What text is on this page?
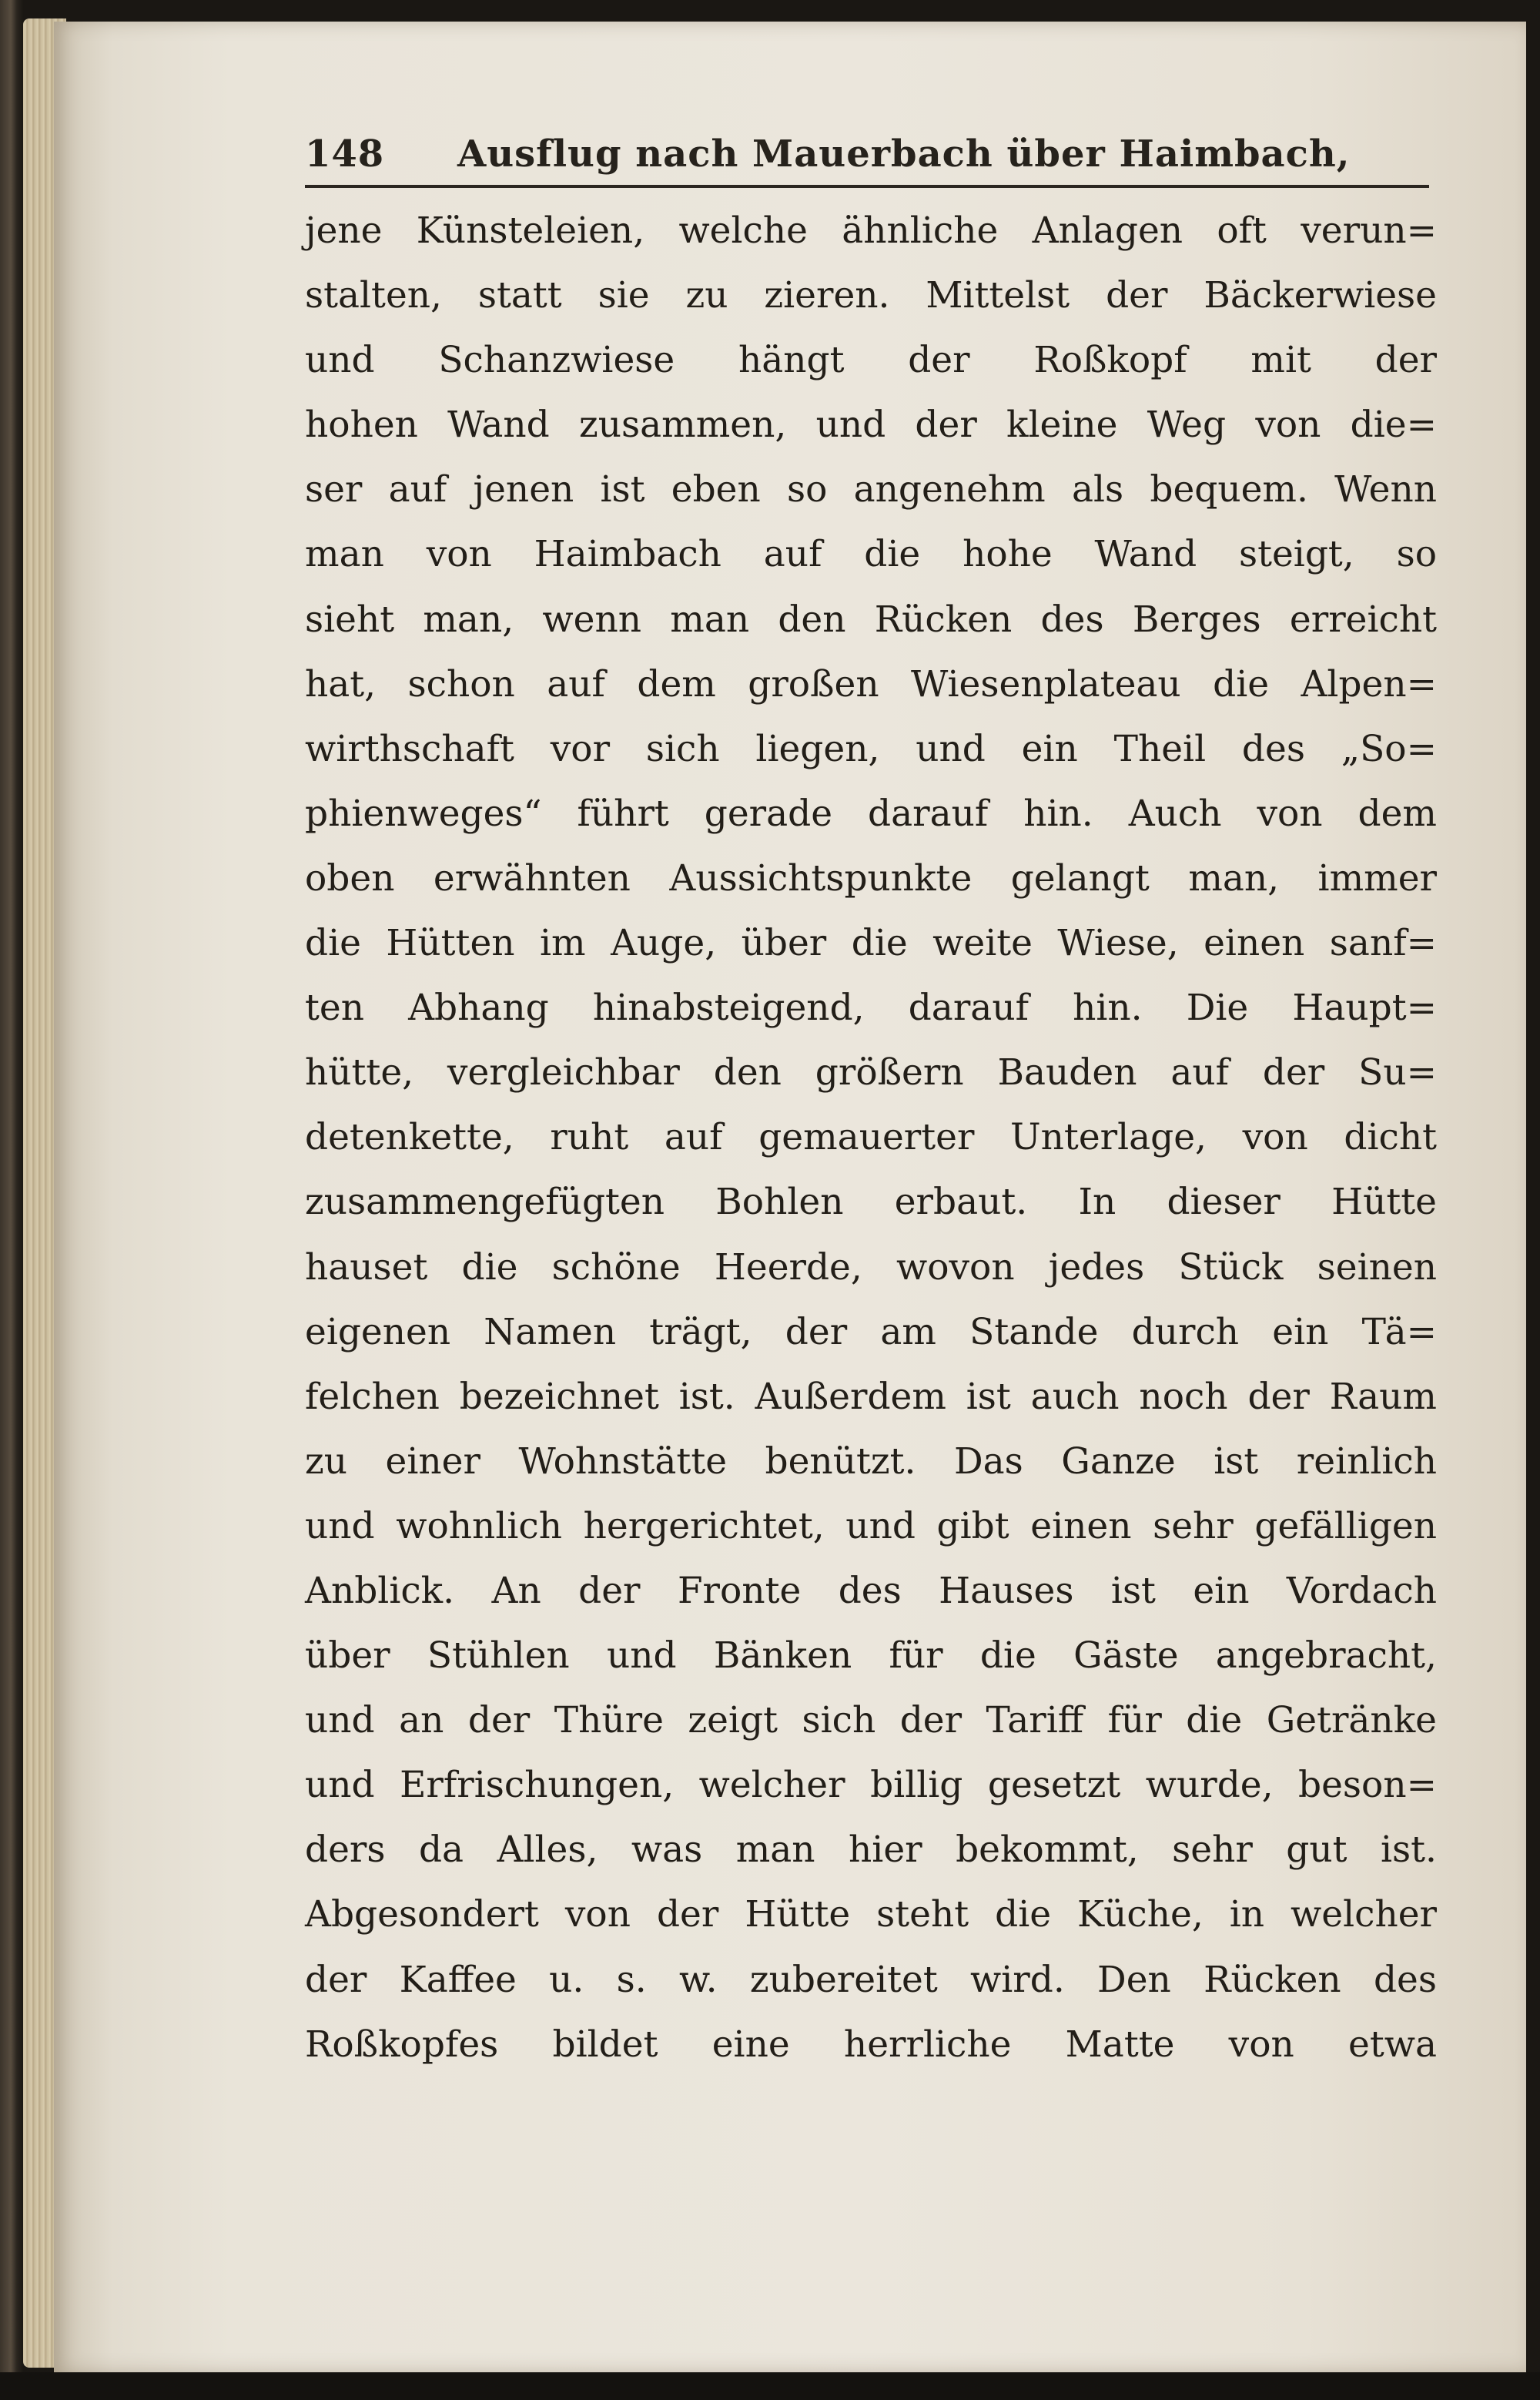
148 Ausflug nach Mauerbach über Haimbach,
jene Künsteleien, welche ähnliche Anlagen oft verun=
stalten, statt sie zu zieren. Mittelst der Bäckerwiese
und Schanzwiese hängt der Roßkopf mit der
hohen Wand zusammen, und der kleine Weg von die=
ser auf jenen ist eben so angenehm als bequem. Wenn
man von Haimbach auf die hohe Wand steigt, so
sieht man, wenn man den Rücken des Berges erreicht
hat, schon auf dem großen Wiesenplateau die Alpen=
wirthschaft vor sich liegen, und ein Theil des „So=
phienweges“ führt gerade darauf hin. Auch von dem
oben erwähnten Aussichtspunkte gelangt man, immer
die Hütten im Auge, über die weite Wiese, einen sanf=
ten Abhang hinabsteigend, darauf hin. Die Haupt=
hütte, vergleichbar den größern Bauden auf der Su=
detenkette, ruht auf gemauerter Unterlage, von dicht
zusammengefügten Bohlen erbaut. In dieser Hütte
hauset die schöne Heerde, wovon jedes Stück seinen
eigenen Namen trägt, der am Stande durch ein Tä=
felchen bezeichnet ist. Außerdem ist auch noch der Raum
zu einer Wohnstätte benützt. Das Ganze ist reinlich
und wohnlich hergerichtet, und gibt einen sehr gefälligen
Anblick. An der Fronte des Hauses ist ein Vordach
über Stühlen und Bänken für die Gäste angebracht,
und an der Thüre zeigt sich der Tariff für die Getränke
und Erfrischungen, welcher billig gesetzt wurde, beson=
ders da Alles, was man hier bekommt, sehr gut ist.
Abgesondert von der Hütte steht die Küche, in welcher
der Kaffee u. s. w. zubereitet wird. Den Rücken des
Roßkopfes bildet eine herrliche Matte von etwa
